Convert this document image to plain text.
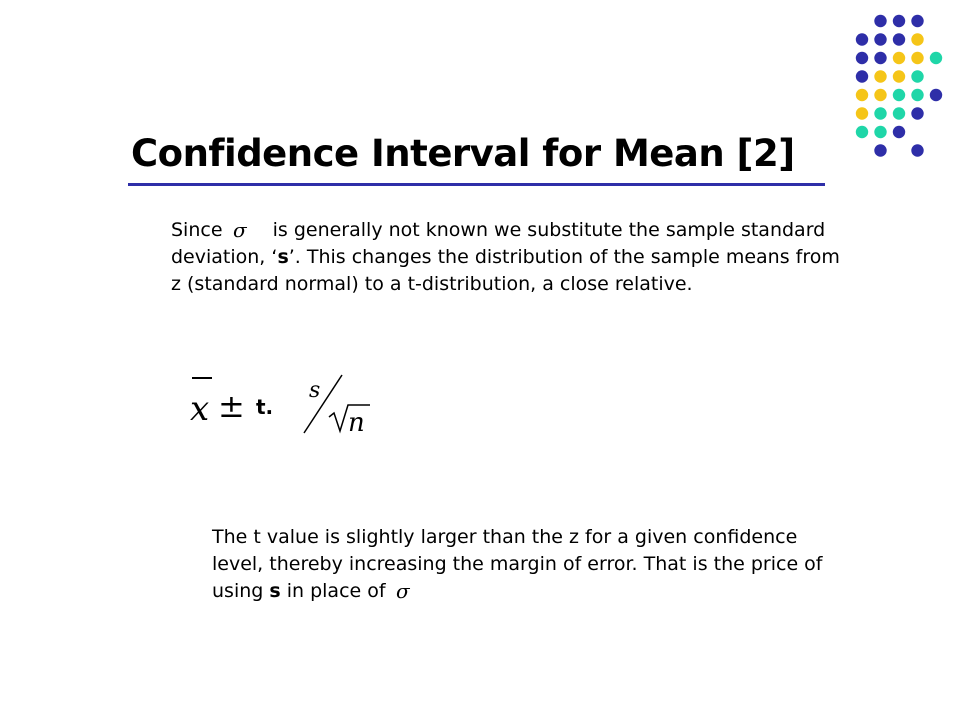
Confidence Interval for Mean [2]

Since σ is generally not known we substitute the sample standard deviation, ‘s’. This changes the distribution of the sample means from z (standard normal) to a t-distribution, a close relative.

x ±	s
n
t.

The t value is slightly larger than the z for a given confidence level, thereby increasing the margin of error. That is the price of using s in place of σ
